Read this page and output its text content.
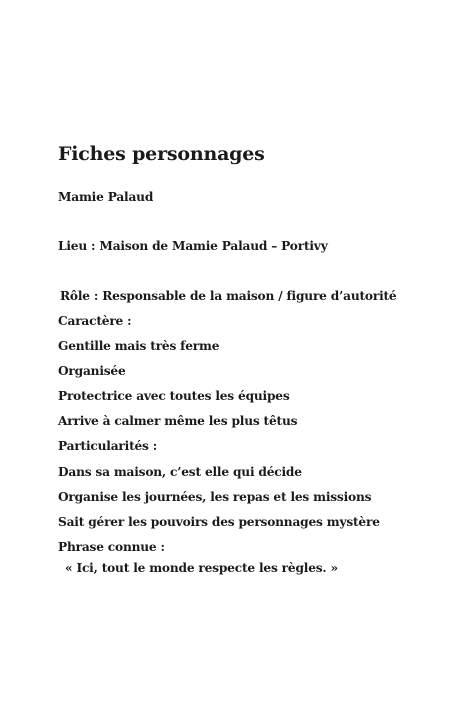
Fiches personnages
Mamie Palaud
Lieu : Maison de Mamie Palaud – Portivy
Rôle : Responsable de la maison / figure d’autorité
Caractère :
Gentille mais très ferme
Organisée
Protectrice avec toutes les équipes
Arrive à calmer même les plus têtus
Particularités :
Dans sa maison, c’est elle qui décide
Organise les journées, les repas et les missions
Sait gérer les pouvoirs des personnages mystère
Phrase connue :
« Ici, tout le monde respecte les règles. »
